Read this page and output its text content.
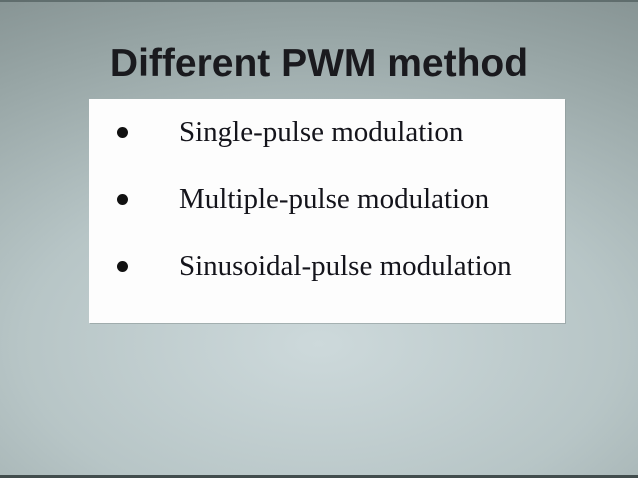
Different PWM method
Single-pulse modulation
Multiple-pulse modulation
Sinusoidal-pulse modulation
